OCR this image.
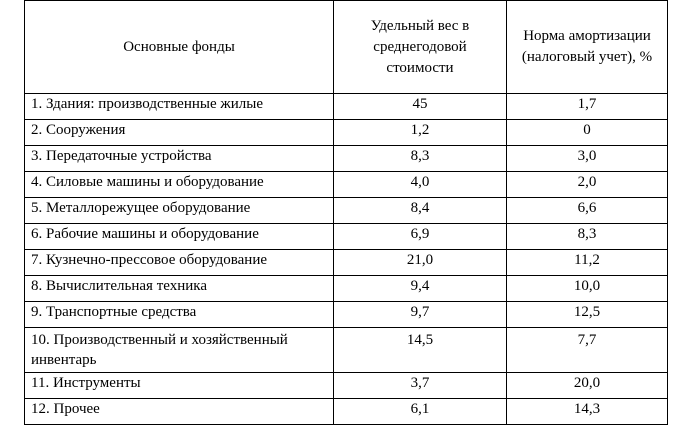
Основные фонды	Удельный вес в среднегодовой стоимости	Норма амортизации (налоговый учет), %
1. Здания: производственные жилые	45	1,7
2. Сооружения	1,2	0
3. Передаточные устройства	8,3	3,0
4. Силовые машины и оборудование	4,0	2,0
5. Металлорежущее оборудование	8,4	6,6
6. Рабочие машины и оборудование	6,9	8,3
7. Кузнечно-прессовое оборудование	21,0	11,2
8. Вычислительная техника	9,4	10,0
9. Транспортные средства	9,7	12,5
10. Производственный и хозяйственный инвентарь	14,5	7,7
11. Инструменты	3,7	20,0
12. Прочее	6,1	14,3
